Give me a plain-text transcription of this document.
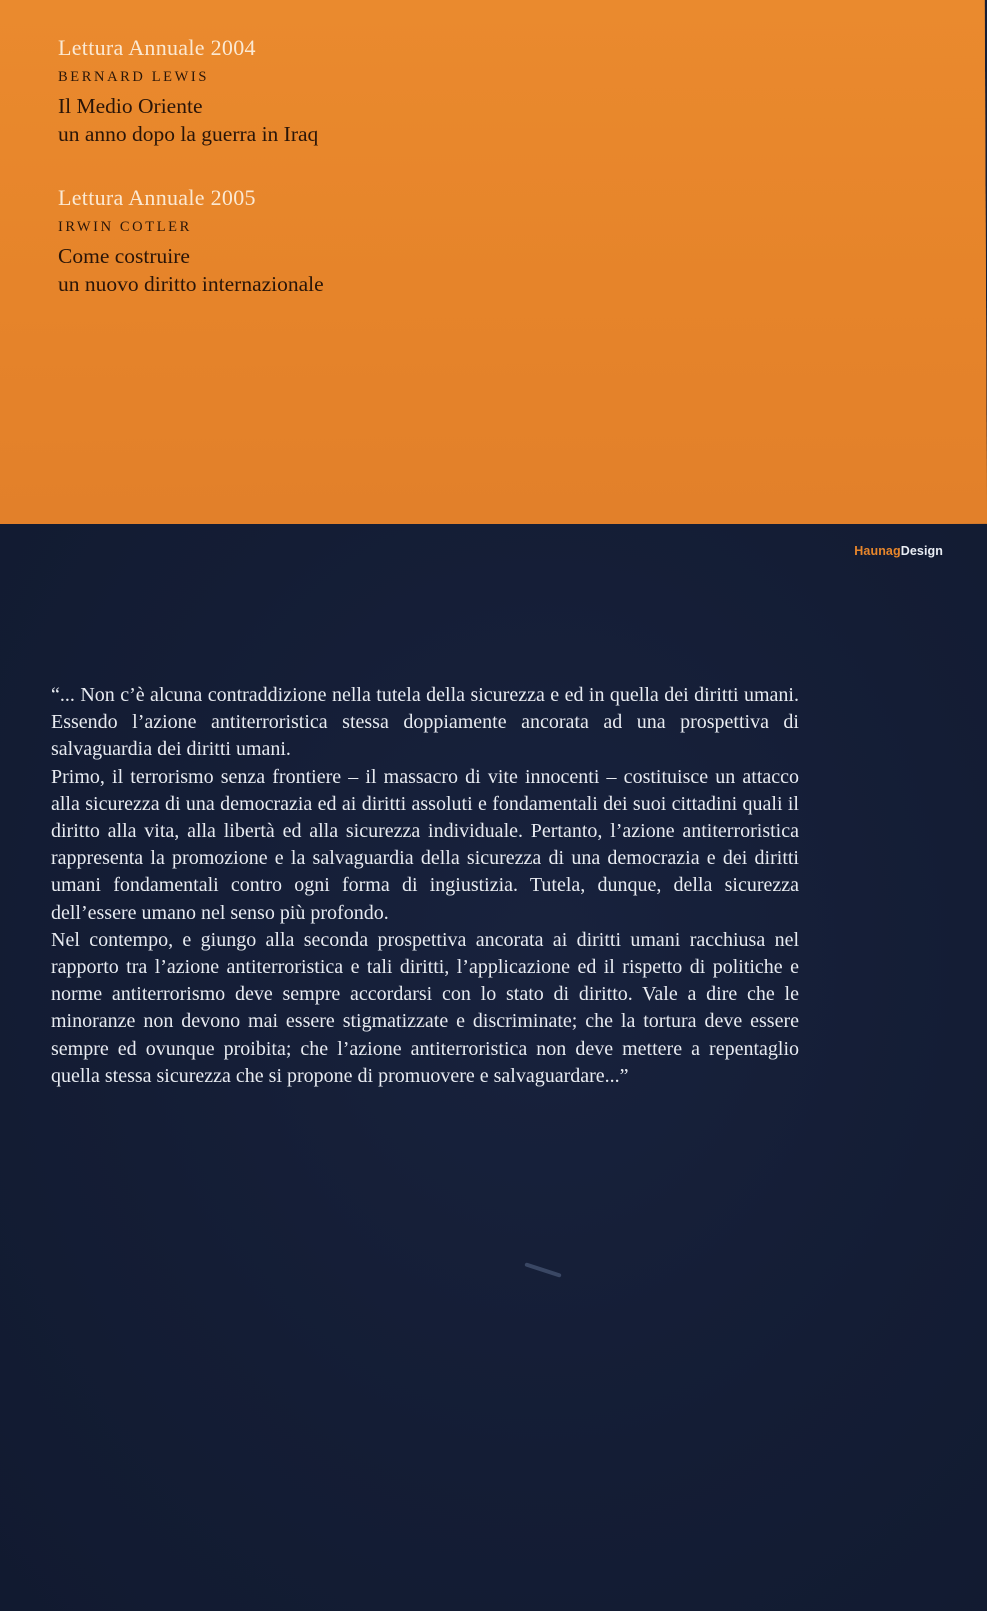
Lettura Annuale 2004

BERNARD LEWIS

Il Medio Oriente
un anno dopo la guerra in Iraq

Lettura Annuale 2005

IRWIN COTLER

Come costruire
un nuovo diritto internazionale

HaunagDesign

“... Non c’è alcuna contraddizione nella tutela della sicurezza e ed in quella dei diritti umani. Essendo l’azione antiterroristica stessa doppiamente ancorata ad una prospettiva di salvaguardia dei diritti umani.

Primo, il terrorismo senza frontiere – il massacro di vite innocenti – costituisce un attacco alla sicurezza di una democrazia ed ai diritti assoluti e fondamentali dei suoi cittadini quali il diritto alla vita, alla libertà ed alla sicurezza individuale. Pertanto, l’azione antiterroristica rappresenta la promozione e la salvaguardia della sicurezza di una democrazia e dei diritti umani fondamentali contro ogni forma di ingiustizia. Tutela, dunque, della sicurezza dell’essere umano nel senso più profondo.

Nel contempo, e giungo alla seconda prospettiva ancorata ai diritti umani racchiusa nel rapporto tra l’azione antiterroristica e tali diritti, l’applicazione ed il rispetto di politiche e norme antiterrorismo deve sempre accordarsi con lo stato di diritto. Vale a dire che le minoranze non devono mai essere stigmatizzate e discriminate; che la tortura deve essere sempre ed ovunque proibita; che l’azione antiterroristica non deve mettere a repentaglio quella stessa sicurezza che si propone di promuovere e salvaguardare...”
